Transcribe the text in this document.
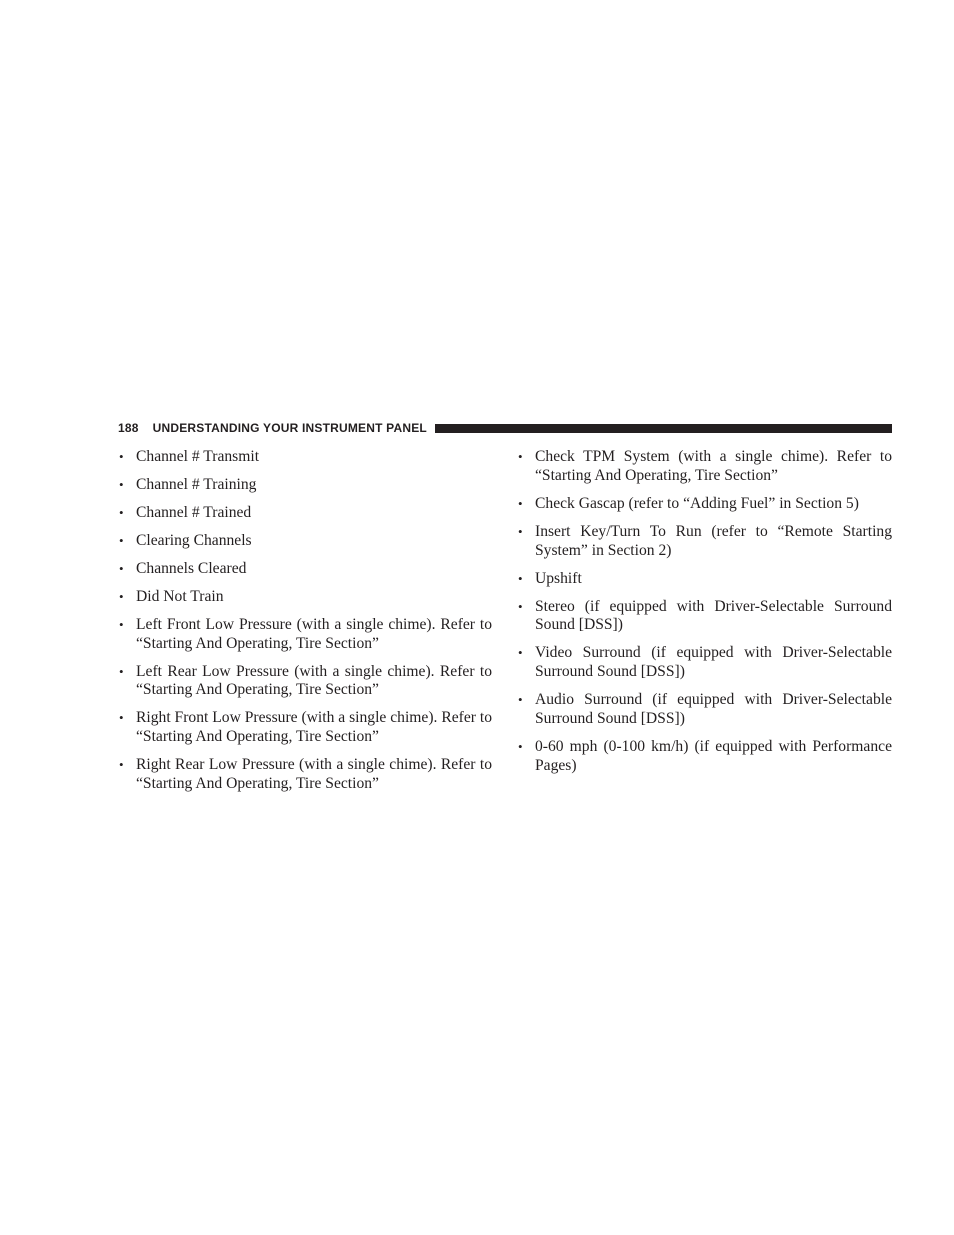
188 UNDERSTANDING YOUR INSTRUMENT PANEL
• Channel # Transmit
• Channel # Training
• Channel # Trained
• Clearing Channels
• Channels Cleared
• Did Not Train
• Left Front Low Pressure (with a single chime). Refer to “Starting And Operating, Tire Section”
• Left Rear Low Pressure (with a single chime). Refer to “Starting And Operating, Tire Section”
• Right Front Low Pressure (with a single chime). Refer to “Starting And Operating, Tire Section”
• Right Rear Low Pressure (with a single chime). Refer to “Starting And Operating, Tire Section”
• Check TPM System (with a single chime). Refer to “Starting And Operating, Tire Section”
• Check Gascap (refer to “Adding Fuel” in Section 5)
• Insert Key/Turn To Run (refer to “Remote Starting System” in Section 2)
• Upshift
• Stereo (if equipped with Driver-Selectable Surround Sound [DSS])
• Video Surround (if equipped with Driver-Selectable Surround Sound [DSS])
• Audio Surround (if equipped with Driver-Selectable Surround Sound [DSS])
• 0-60 mph (0-100 km/h) (if equipped with Performance Pages)
